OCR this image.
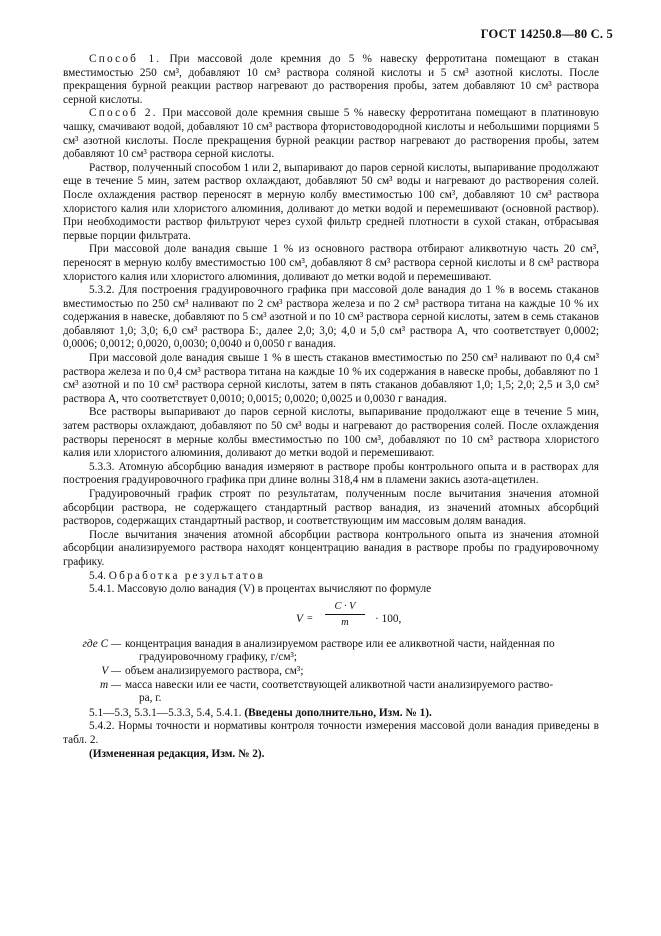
ГОСТ 14250.8—80 С. 5

Способ 1. При массовой доле кремния до 5 % навеску ферротитана помещают в стакан вместимостью 250 см³, добавляют 10 см³ раствора соляной кислоты и 5 см³ азотной кислоты. После прекращения бурной реакции раствор нагревают до растворения пробы, затем добавляют 10 см³ раствора серной кислоты.

Способ 2. При массовой доле кремния свыше 5 % навеску ферротитана помещают в платиновую чашку, смачивают водой, добавляют 10 см³ раствора фтористоводородной кислоты и небольшими порциями 5 см³ азотной кислоты. После прекращения бурной реакции раствор нагревают до растворения пробы, затем добавляют 10 см³ раствора серной кислоты.

Раствор, полученный способом 1 или 2, выпаривают до паров серной кислоты, выпаривание продолжают еще в течение 5 мин, затем раствор охлаждают, добавляют 50 см³ воды и нагревают до растворения солей. После охлаждения раствор переносят в мерную колбу вместимостью 100 см³, добавляют 10 см³ раствора хлористого калия или хлористого алюминия, доливают до метки водой и перемешивают (основной раствор). При необходимости раствор фильтруют через сухой фильтр средней плотности в сухой стакан, отбрасывая первые порции фильтрата.

При массовой доле ванадия свыше 1 % из основного раствора отбирают аликвотную часть 20 см³, переносят в мерную колбу вместимостью 100 см³, добавляют 8 см³ раствора серной кислоты и 8 см³ раствора хлористого калия или хлористого алюминия, доливают до метки водой и перемешивают.

5.3.2. Для построения градуировочного графика при массовой доле ванадия до 1 % в восемь стаканов вместимостью по 250 см³ наливают по 2 см³ раствора железа и по 2 см³ раствора титана на каждые 10 % их содержания в навеске, добавляют по 5 см³ азотной и по 10 см³ раствора серной кислоты, затем в семь стаканов добавляют 1,0; 3,0; 6,0 см³ раствора Б:, далее 2,0; 3,0; 4,0 и 5,0 см³ раствора А, что соответствует 0,0002; 0,0006; 0,0012; 0,0020, 0,0030; 0,0040 и 0,0050 г ванадия.

При массовой доле ванадия свыше 1 % в шесть стаканов вместимостью по 250 см³ наливают по 0,4 см³ раствора железа и по 0,4 см³ раствора титана на каждые 10 % их содержания в навеске пробы, добавляют по 1 см³ азотной и по 10 см³ раствора серной кислоты, затем в пять стаканов добавляют 1,0; 1,5; 2,0; 2,5 и 3,0 см³ раствора А, что соответствует 0,0010; 0,0015; 0,0020; 0,0025 и 0,0030 г ванадия.

Все растворы выпаривают до паров серной кислоты, выпаривание продолжают еще в течение 5 мин, затем растворы охлаждают, добавляют по 50 см³ воды и нагревают до растворения солей. После охлаждения растворы переносят в мерные колбы вместимостью по 100 см³, добавляют по 10 см³ раствора хлористого калия или хлористого алюминия, доливают до метки водой и перемешивают.

5.3.3. Атомную абсорбцию ванадия измеряют в растворе пробы контрольного опыта и в растворах для построения градуировочного графика при длине волны 318,4 нм в пламени закись азота-ацетилен.

Градуировочный график строят по результатам, полученным после вычитания значения атомной абсорбции раствора, не содержащего стандартный раствор ванадия, из значений атомных абсорбций растворов, содержащих стандартный раствор, и соответствующим им массовым долям ванадия.

После вычитания значения атомной абсорбции раствора контрольного опыта из значения атомной абсорбции анализируемого раствора находят концентрацию ванадия в растворе пробы по градуировочному графику.

5.4. Обработка результатов

5.4.1. Массовую долю ванадия (V) в процентах вычисляют по формуле

V =
C · V
m	· 100,
где C — концентрация ванадия в анализируемом растворе или ее аликвотной части, найденная по
градуировочному графику, г/см³;
V — объем анализируемого раствора, см³;
m — масса навески или ее части, соответствующей аликвотной части анализируемого раство-
ра, г.

5.1—5.3, 5.3.1—5.3.3, 5.4, 5.4.1. (Введены дополнительно, Изм. № 1).

5.4.2. Нормы точности и нормативы контроля точности измерения массовой доли ванадия приведены в табл. 2.

(Измененная редакция, Изм. № 2).
